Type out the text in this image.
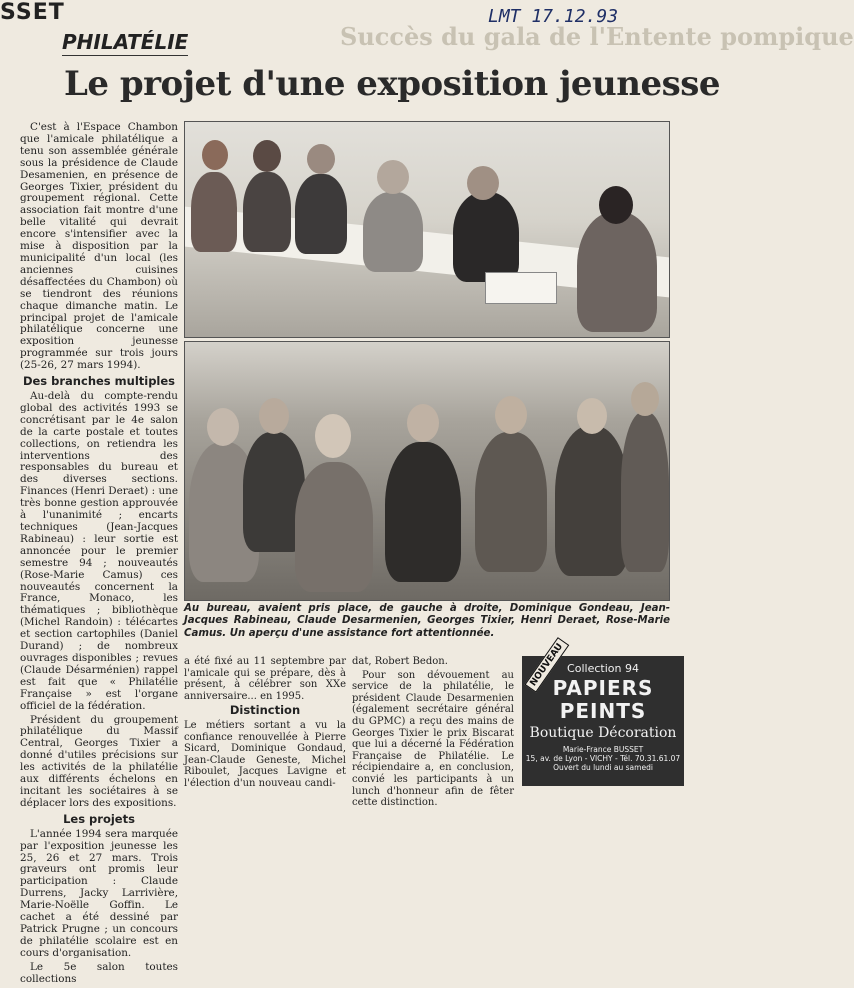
SSET	LMT 17.12.93
Succès du gala de l'Entente pompique
PHILATÉLIE
Le projet d'une exposition jeunesse

C'est à l'Espace Chambon que l'amicale philatélique a tenu son assemblée générale sous la présidence de Claude Desamenien, en présence de Georges Tixier, président du groupement régional. Cette association fait montre d'une belle vitalité qui devrait encore s'intensifier avec la mise à disposition par la municipalité d'un local (les anciennes cuisines désaffectées du Chambon) où se tiendront des réunions chaque dimanche matin. Le principal projet de l'amicale philatélique concerne une exposition jeunesse programmée sur trois jours (25-26, 27 mars 1994).

Des branches multiples

Au-delà du compte-rendu global des activités 1993 se concrétisant par le 4e salon de la carte postale et toutes collections, on retiendra les interventions des responsables du bureau et des diverses sections. Finances (Henri Deraet) : une très bonne gestion approuvée à l'unanimité ; encarts techniques (Jean-Jacques Rabineau) : leur sortie est annoncée pour le premier semestre 94 ; nouveautés (Rose-Marie Camus) ces nouveautés concernent la France, Monaco, les thématiques ; bibliothèque (Michel Randoin) : télécartes et section cartophiles (Daniel Durand) ; de nombreux ouvrages disponibles ; revues (Claude Désarménien) rappel est fait que « Philatélie Française » est l'organe officiel de la fédération.

Président du groupement philatélique du Massif Central, Georges Tixier a donné d'utiles précisions sur les activités de la philatélie aux différents échelons en incitant les sociétaires à se déplacer lors des expositions.

Les projets

L'année 1994 sera marquée par l'exposition jeunesse les 25, 26 et 27 mars. Trois graveurs ont promis leur participation : Claude Durrens, Jacky Larrivière, Marie-Noëlle Goffin. Le cachet a été dessiné par Patrick Prugne ; un concours de philatélie scolaire est en cours d'organisation.

Le 5e salon toutes collections

Au bureau, avaient pris place, de gauche à droite, Dominique Gondeau, Jean-Jacques Rabineau, Claude Desarmenien, Georges Tixier, Henri Deraet, Rose-Marie Camus. Un aperçu d'une assistance fort attentionnée.

a été fixé au 11 septembre par l'amicale qui se prépare, dès à présent, à célébrer son XXe anniversaire... en 1995.

Distinction

Le métiers sortant a vu la confiance renouvellée à Pierre Sicard, Dominique Gondaud, Jean-Claude Geneste, Michel Riboulet, Jacques Lavigne et l'élection d'un nouveau candi-

dat, Robert Bedon.

Pour son dévouement au service de la philatélie, le président Claude Desarmenien (également secrétaire général du GPMC) a reçu des mains de Georges Tixier le prix Biscarat que lui a décerné la Fédération Française de Philatélie. Le récipiendaire a, en conclusion, convié les participants à un lunch d'honneur afin de fêter cette distinction.

NOUVEAU Collection 94
PAPIERS
PEINTS
Boutique Décoration
Marie-France BUSSET
15, av. de Lyon - VICHY - Tél. 70.31.61.07
Ouvert du lundi au samedi
